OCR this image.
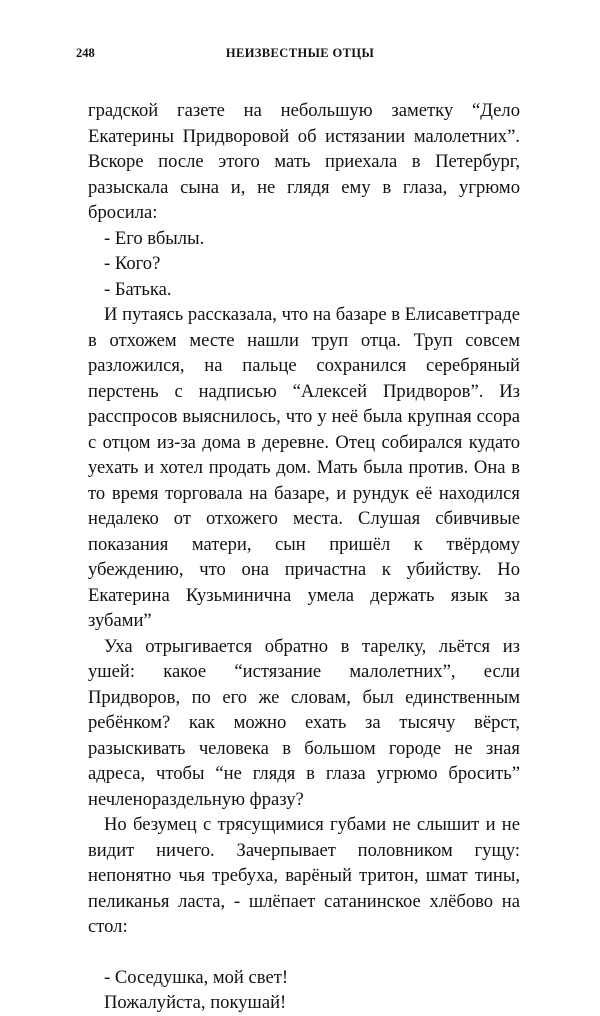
248	НЕИЗВЕСТНЫЕ ОТЦЫ

градской газете на небольшую заметку “Дело Екатерины Придворовой об истязании малолетних”. Вскоре после этого мать приехала в Петербург, разыскала сына и, не глядя ему в глаза, угрюмо бросила:

- Его вбылы.

- Кого?

- Батька.

И путаясь рассказала, что на базаре в Елисаветграде в отхожем месте нашли труп отца. Труп совсем разложился, на пальце сохранился серебряный перстень с надписью “Алексей Придворов”. Из расспросов выяснилось, что у неё была крупная ссора с отцом из-за дома в деревне. Отец собирался кудато уехать и хотел продать дом. Мать была против. Она в то время торговала на базаре, и рундук её находился недалеко от отхожего места. Слушая сбивчивые показания матери, сын пришёл к твёрдому убеждению, что она причастна к убийству. Но Екатерина Кузьминична умела держать язык за зубами”

Уха отрыгивается обратно в тарелку, льётся из ушей: какое “истязание малолетних”, если Придворов, по его же словам, был единственным ребёнком? как можно ехать за тысячу вёрст, разыскивать человека в большом городе не зная адреса, чтобы “не глядя в глаза угрюмо бросить” нечленораздельную фразу?

Но безумец с трясущимися губами не слышит и не видит ничего. Зачерпывает половником гущу: непонятно чья требуха, варёный тритон, шмат тины, пеликанья ласта, - шлёпает сатанинское хлёбово на стол:

- Соседушка, мой свет!

Пожалуйста, покушай!
